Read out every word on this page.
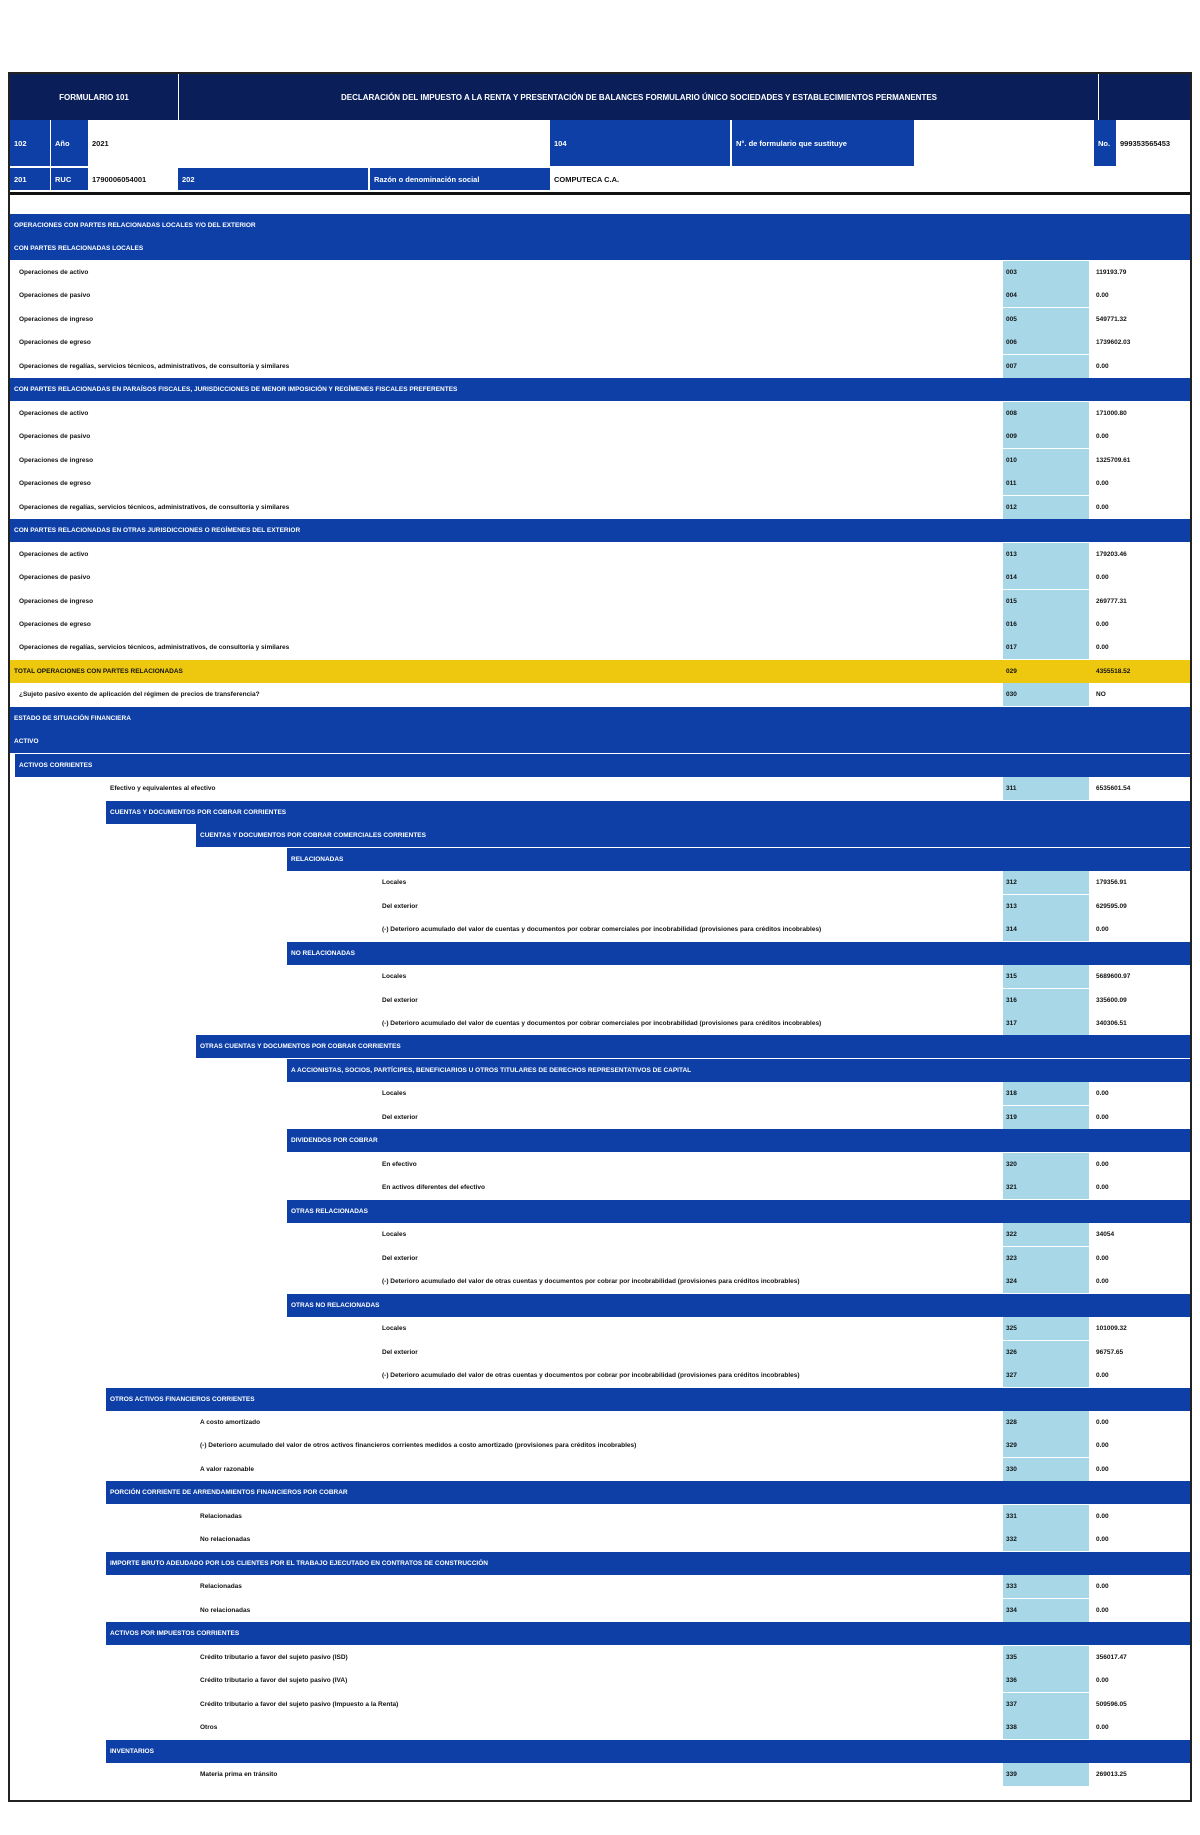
FORMULARIO 101	DECLARACIÓN DEL IMPUESTO A LA RENTA Y PRESENTACIÓN DE BALANCES FORMULARIO ÚNICO SOCIEDADES Y ESTABLECIMIENTOS PERMANENTES
102	Año	2021	104	N°. de formulario que sustituye	No.	999353565453
201	RUC	1790006054001	202	Razón o denominación social	COMPUTECA C.A.
OPERACIONES CON PARTES RELACIONADAS LOCALES Y/O DEL EXTERIOR
CON PARTES RELACIONADAS LOCALES
Operaciones de activo	003	119193.79
Operaciones de pasivo	004	0.00
Operaciones de ingreso	005	549771.32
Operaciones de egreso	006	1739602.03
Operaciones de regalías, servicios técnicos, administrativos, de consultoría y similares	007	0.00
CON PARTES RELACIONADAS EN PARAÍSOS FISCALES, JURISDICCIONES DE MENOR IMPOSICIÓN Y REGÍMENES FISCALES PREFERENTES
Operaciones de activo	008	171000.80
Operaciones de pasivo	009	0.00
Operaciones de ingreso	010	1325709.61
Operaciones de egreso	011	0.00
Operaciones de regalías, servicios técnicos, administrativos, de consultoría y similares	012	0.00
CON PARTES RELACIONADAS EN OTRAS JURISDICCIONES O REGÍMENES DEL EXTERIOR
Operaciones de activo	013	179203.46
Operaciones de pasivo	014	0.00
Operaciones de ingreso	015	269777.31
Operaciones de egreso	016	0.00
Operaciones de regalías, servicios técnicos, administrativos, de consultoría y similares	017	0.00
TOTAL OPERACIONES CON PARTES RELACIONADAS	029	4355518.52
¿Sujeto pasivo exento de aplicación del régimen de precios de transferencia?	030	NO
ESTADO DE SITUACIÓN FINANCIERA
ACTIVO
ACTIVOS CORRIENTES
Efectivo y equivalentes al efectivo	311	6535601.54
CUENTAS Y DOCUMENTOS POR COBRAR CORRIENTES
CUENTAS Y DOCUMENTOS POR COBRAR COMERCIALES CORRIENTES
RELACIONADAS
Locales	312	179356.91
Del exterior	313	629595.09
(-) Deterioro acumulado del valor de cuentas y documentos por cobrar comerciales por incobrabilidad (provisiones para créditos incobrables)	314	0.00
NO RELACIONADAS
Locales	315	5689600.97
Del exterior	316	335600.09
(-) Deterioro acumulado del valor de cuentas y documentos por cobrar comerciales por incobrabilidad (provisiones para créditos incobrables)	317	340306.51
OTRAS CUENTAS Y DOCUMENTOS POR COBRAR CORRIENTES
A ACCIONISTAS, SOCIOS, PARTÍCIPES, BENEFICIARIOS U OTROS TITULARES DE DERECHOS REPRESENTATIVOS DE CAPITAL
Locales	318	0.00
Del exterior	319	0.00
DIVIDENDOS POR COBRAR
En efectivo	320	0.00
En activos diferentes del efectivo	321	0.00
OTRAS RELACIONADAS
Locales	322	34054
Del exterior	323	0.00
(-) Deterioro acumulado del valor de otras cuentas y documentos por cobrar por incobrabilidad (provisiones para créditos incobrables)	324	0.00
OTRAS NO RELACIONADAS
Locales	325	101009.32
Del exterior	326	96757.65
(-) Deterioro acumulado del valor de otras cuentas y documentos por cobrar por incobrabilidad (provisiones para créditos incobrables)	327	0.00
OTROS ACTIVOS FINANCIEROS CORRIENTES
A costo amortizado	328	0.00
(-) Deterioro acumulado del valor de otros activos financieros corrientes medidos a costo amortizado (provisiones para créditos incobrables)	329	0.00
A valor razonable	330	0.00
PORCIÓN CORRIENTE DE ARRENDAMIENTOS FINANCIEROS POR COBRAR
Relacionadas	331	0.00
No relacionadas	332	0.00
IMPORTE BRUTO ADEUDADO POR LOS CLIENTES POR EL TRABAJO EJECUTADO EN CONTRATOS DE CONSTRUCCIÓN
Relacionadas	333	0.00
No relacionadas	334	0.00
ACTIVOS POR IMPUESTOS CORRIENTES
Crédito tributario a favor del sujeto pasivo (ISD)	335	356017.47
Crédito tributario a favor del sujeto pasivo (IVA)	336	0.00
Crédito tributario a favor del sujeto pasivo (Impuesto a la Renta)	337	509596.05
Otros	338	0.00
INVENTARIOS
Materia prima en tránsito	339	269013.25
